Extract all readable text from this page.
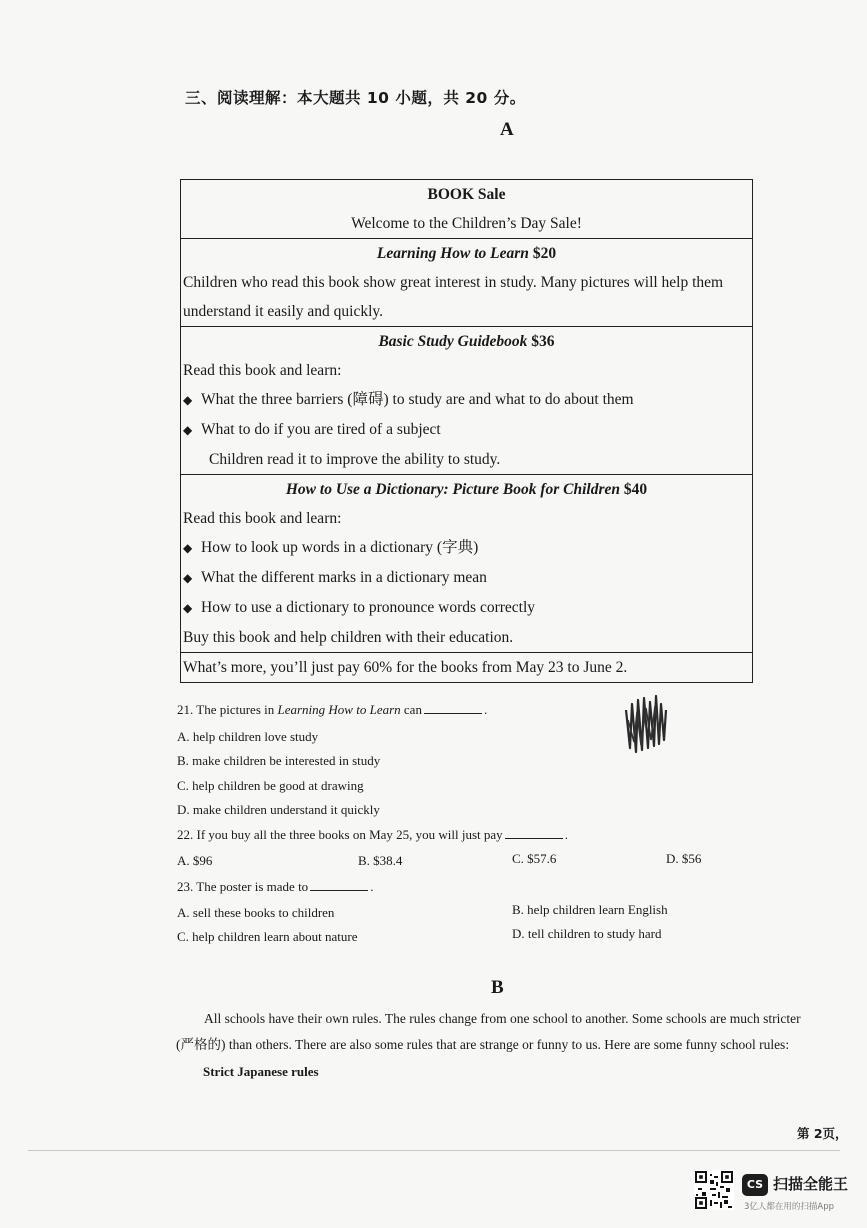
三、阅读理解：本大题共 10 小题，共 20 分。
A
BOOK Sale
Welcome to the Children’s Day Sale!
Learning How to Learn $20
Children who read this book show great interest in study. Many pictures will help them
understand it easily and quickly.
Basic Study Guidebook $36
Read this book and learn:
◆ What the three barriers (障碍) to study are and what to do about them
◆ What to do if you are tired of a subject
Children read it to improve the ability to study.
How to Use a Dictionary: Picture Book for Children $40
Read this book and learn:
◆ How to look up words in a dictionary (字典)
◆ What the different marks in a dictionary mean
◆ How to use a dictionary to pronounce words correctly
Buy this book and help children with their education.
What’s more, you’ll just pay 60% for the books from May 23 to June 2.
21. The pictures in Learning How to Learn can	.
A. help children love study
B. make children be interested in study
C. help children be good at drawing
D. make children understand it quickly
22. If you buy all the three books on May 25, you will just pay	.
A. $96	B. $38.4	C. $57.6	D. $56
23. The poster is made to	.
A. sell these books to children	B. help children learn English
C. help children learn about nature	D. tell children to study hard
B
All schools have their own rules. The rules change from one school to another. Some schools are much stricter
(严格的) than others. There are also some rules that are strange or funny to us. Here are some funny school rules:
Strict Japanese rules
第 2页，
CS 扫描全能王
3亿人都在用的扫描App
